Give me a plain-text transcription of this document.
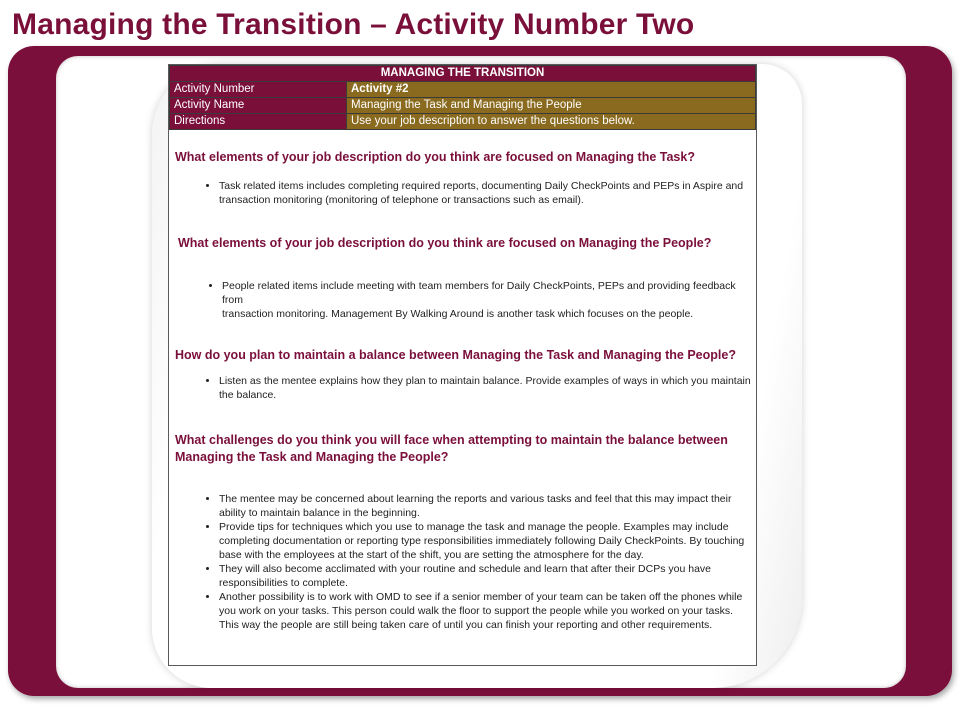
Managing the Transition – Activity Number Two
MANAGING THE TRANSITION	
Activity Number	Activity #2
Activity Name	Managing the Task and Managing the People
Directions	Use your job description to answer the questions below.

What elements of your job description do you think are focused on Managing the Task?

• Task related items includes completing required reports, documenting Daily CheckPoints and PEPs in Aspire and
transaction monitoring (monitoring of telephone or transactions such as email).

What elements of your job description do you think are focused on Managing the People?

• People related items include meeting with team members for Daily CheckPoints, PEPs and providing feedback from
transaction monitoring. Management By Walking Around is another task which focuses on the people.

How do you plan to maintain a balance between Managing the Task and Managing the People?

• Listen as the mentee explains how they plan to maintain balance. Provide examples of ways in which you maintain
the balance.

What challenges do you think you will face when attempting to maintain the balance between
Managing the Task and Managing the People?

• The mentee may be concerned about learning the reports and various tasks and feel that this may impact their
ability to maintain balance in the beginning.
• Provide tips for techniques which you use to manage the task and manage the people. Examples may include
completing documentation or reporting type responsibilities immediately following Daily CheckPoints. By touching
base with the employees at the start of the shift, you are setting the atmosphere for the day.
• They will also become acclimated with your routine and schedule and learn that after their DCPs you have
responsibilities to complete.
• Another possibility is to work with OMD to see if a senior member of your team can be taken off the phones while
you work on your tasks. This person could walk the floor to support the people while you worked on your tasks.
This way the people are still being taken care of until you can finish your reporting and other requirements.
